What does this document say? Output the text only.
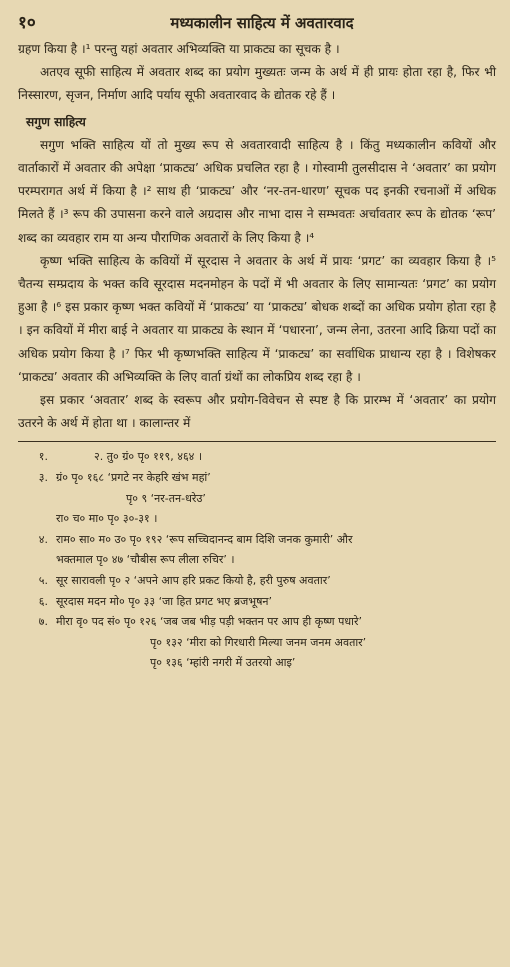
१०	मध्यकालीन साहित्य में अवतारवाद

ग्रहण किया है ।¹ परन्तु यहां अवतार अभिव्यक्ति या प्राकट्य का सूचक है ।

अतएव सूफी साहित्य में अवतार शब्द का प्रयोग मुख्यतः जन्म के अर्थ में ही प्रायः होता रहा है, फिर भी निस्सारण, सृजन, निर्माण आदि पर्याय सूफी अवतारवाद के द्योतक रहे हैं ।

सगुण साहित्य

सगुण भक्ति साहित्य यों तो मुख्य रूप से अवतारवादी साहित्य है । किंतु मध्यकालीन कवियों और वार्ताकारों में अवतार की अपेक्षा ‘प्राकट्य’ अधिक प्रचलित रहा है । गोस्वामी तुलसीदास ने ‘अवतार’ का प्रयोग परम्परागत अर्थ में किया है ।² साथ ही ‘प्राकट्य’ और ‘नर-तन-धारण’ सूचक पद इनकी रचनाओं में अधिक मिलते हैं ।³ रूप की उपासना करने वाले अग्रदास और नाभा दास ने सम्भवतः अर्चावतार रूप के द्योतक ‘रूप’ शब्द का व्यवहार राम या अन्य पौराणिक अवतारों के लिए किया है ।⁴

कृष्ण भक्ति साहित्य के कवियों में सूरदास ने अवतार के अर्थ में प्रायः ‘प्रगट’ का व्यवहार किया है ।⁵ चैतन्य सम्प्रदाय के भक्त कवि सूरदास मदनमोहन के पदों में भी अवतार के लिए सामान्यतः ‘प्रगट’ का प्रयोग हुआ है ।⁶ इस प्रकार कृष्ण भक्त कवियों में ‘प्राकट्य’ या ‘प्राकट्य’ बोधक शब्दों का अधिक प्रयोग होता रहा है । इन कवियों में मीरा बाई ने अवतार या प्राकट्य के स्थान में ‘पधारना’, जन्म लेना, उतरना आदि क्रिया पदों का अधिक प्रयोग किया है ।⁷ फिर भी कृष्णभक्ति साहित्य में ‘प्राकट्य’ का सर्वाधिक प्राधान्य रहा है । विशेषकर ‘प्राकट्य’ अवतार की अभिव्यक्ति के लिए वार्ता ग्रंथों का लोकप्रिय शब्द रहा है ।

इस प्रकार ‘अवतार’ शब्द के स्वरूप और प्रयोग-विवेचन से स्पष्ट है कि प्रारम्भ में ‘अवतार’ का प्रयोग उतरने के अर्थ में होता था । कालान्तर में

१.	२. तु० ग्रं० पृ० ११९, ४६४ ।
३. ग्रं० पृ० १६८ ‘प्रगटे नर केहरि खंभ महां’
पृ० ९ ‘नर-तन-धरेउ’
रा० च० मा० पृ० ३०-३१ ।
४. राम० सा० म० उ० पृ० १९२ ‘रूप सच्चिदानन्द बाम दिशि जनक कुमारी’ और
भक्तमाल पृ० ४७ ‘चौबीस रूप लीला रुचिर’ ।
५. सूर सारावली पृ० २ ‘अपने आप हरि प्रकट कियो है, हरी पुरुष अवतार’
६. सूरदास मदन मो० पृ० ३३ ‘जा हित प्रगट भए ब्रजभूषन’
७. मीरा वृ० पद सं० पृ० १२६ ‘जब जब भीड़ पड़ी भक्तन पर आप ही कृष्ण पधारे’
पृ० १३२ ‘मीरा को गिरधारी मिल्या जनम जनम अवतार’
पृ० १३६ ‘म्हांरी नगरी में उतरयो आइ’
